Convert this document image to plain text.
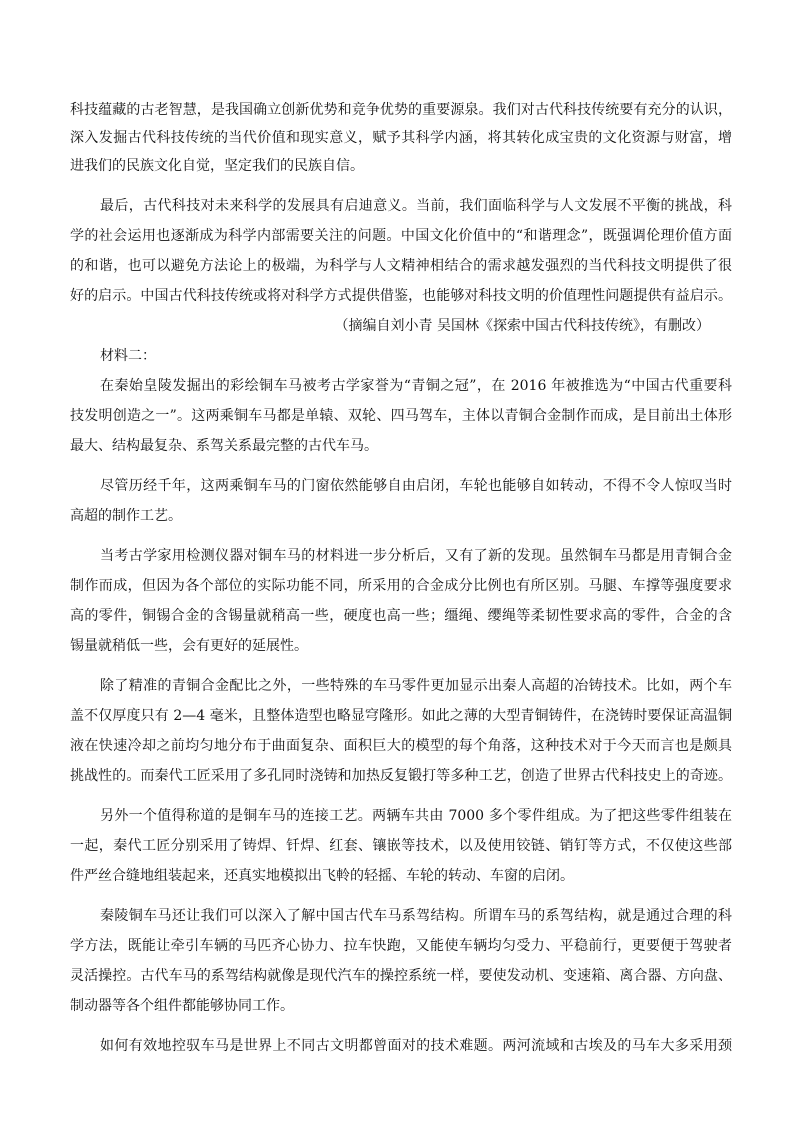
科技蕴藏的古老智慧，是我国确立创新优势和竞争优势的重要源泉。我们对古代科技传统要有充分的认识，
深入发掘古代科技传统的当代价值和现实意义，赋予其科学内涵，将其转化成宝贵的文化资源与财富，增
进我们的民族文化自觉，坚定我们的民族自信。
最后，古代科技对未来科学的发展具有启迪意义。当前，我们面临科学与人文发展不平衡的挑战，科
学的社会运用也逐渐成为科学内部需要关注的问题。中国文化价值中的“和谐理念”，既强调伦理价值方面
的和谐，也可以避免方法论上的极端，为科学与人文精神相结合的需求越发强烈的当代科技文明提供了很
好的启示。中国古代科技传统或将对科学方式提供借鉴，也能够对科技文明的价值理性问题提供有益启示。
（摘编自刘小青 吴国林《探索中国古代科技传统》，有删改）
材料二：
在秦始皇陵发掘出的彩绘铜车马被考古学家誉为“青铜之冠”，在 2016 年被推选为“中国古代重要科
技发明创造之一”。这两乘铜车马都是单辕、双轮、四马驾车，主体以青铜合金制作而成，是目前出土体形
最大、结构最复杂、系驾关系最完整的古代车马。
尽管历经千年，这两乘铜车马的门窗依然能够自由启闭，车轮也能够自如转动，不得不令人惊叹当时
高超的制作工艺。
当考古学家用检测仪器对铜车马的材料进一步分析后，又有了新的发现。虽然铜车马都是用青铜合金
制作而成，但因为各个部位的实际功能不同，所采用的合金成分比例也有所区别。马腿、车撑等强度要求
高的零件，铜锡合金的含锡量就稍高一些，硬度也高一些；缰绳、缨绳等柔韧性要求高的零件，合金的含
锡量就稍低一些，会有更好的延展性。
除了精准的青铜合金配比之外，一些特殊的车马零件更加显示出秦人高超的冶铸技术。比如，两个车
盖不仅厚度只有 2—4 毫米，且整体造型也略显穹隆形。如此之薄的大型青铜铸件，在浇铸时要保证高温铜
液在快速冷却之前均匀地分布于曲面复杂、面积巨大的模型的每个角落，这种技术对于今天而言也是颇具
挑战性的。而秦代工匠采用了多孔同时浇铸和加热反复锻打等多种工艺，创造了世界古代科技史上的奇迹。
另外一个值得称道的是铜车马的连接工艺。两辆车共由 7000 多个零件组成。为了把这些零件组装在
一起，秦代工匠分别采用了铸焊、钎焊、红套、镶嵌等技术，以及使用铰链、销钉等方式，不仅使这些部
件严丝合缝地组装起来，还真实地模拟出飞軨的轻摇、车轮的转动、车窗的启闭。
秦陵铜车马还让我们可以深入了解中国古代车马系驾结构。所谓车马的系驾结构，就是通过合理的科
学方法，既能让牵引车辆的马匹齐心协力、拉车快跑，又能使车辆均匀受力、平稳前行，更要便于驾驶者
灵活操控。古代车马的系驾结构就像是现代汽车的操控系统一样，要使发动机、变速箱、离合器、方向盘、
制动器等各个组件都能够协同工作。
如何有效地控驭车马是世界上不同古文明都曾面对的技术难题。两河流域和古埃及的马车大多采用颈
